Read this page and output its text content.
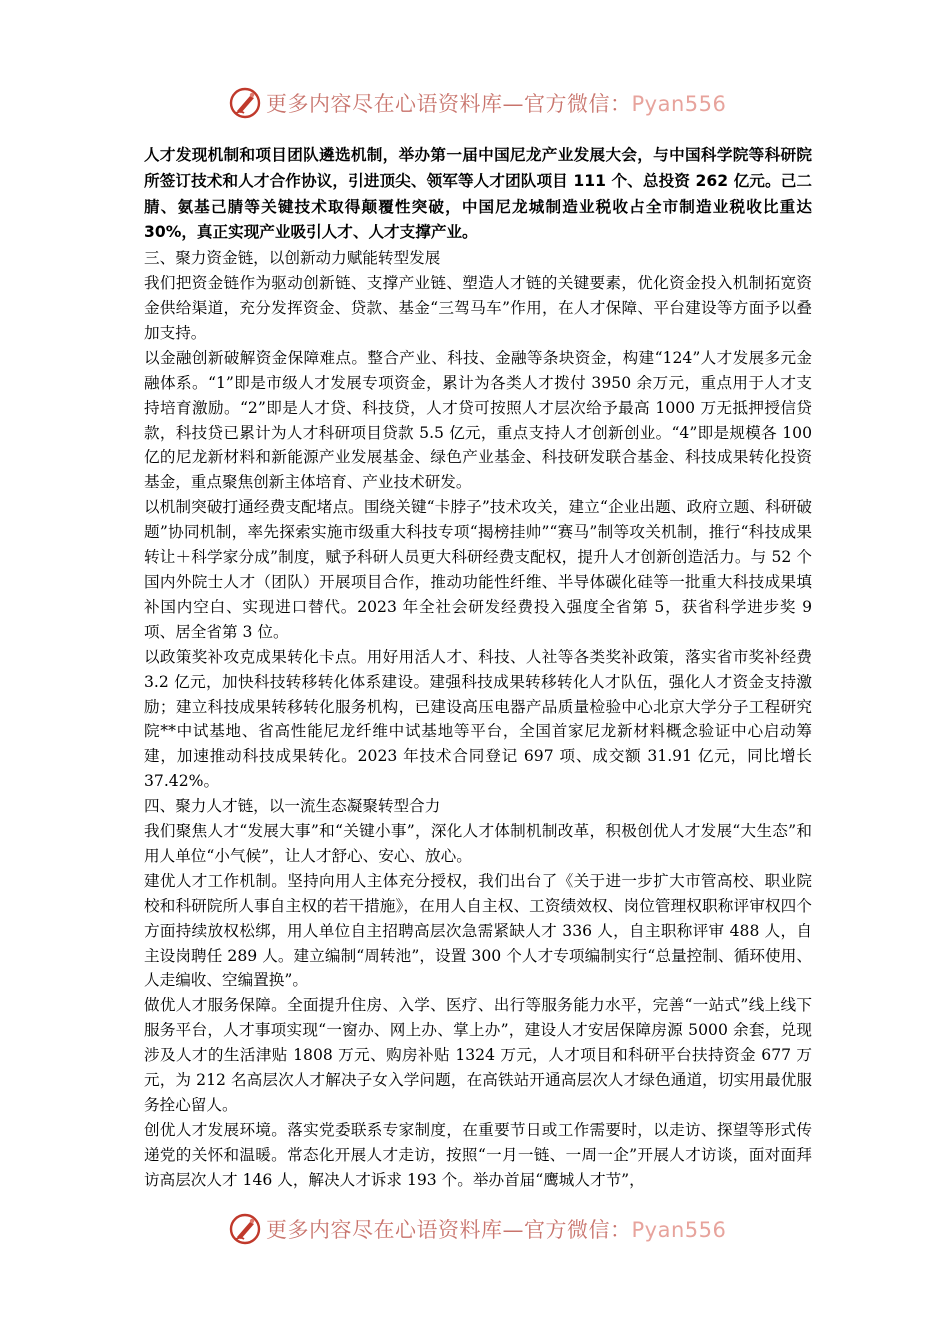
更多内容尽在心语资料库—官方微信：Pyan556

人才发现机制和项目团队遴选机制，举办第一届中国尼龙产业发展大会，与中国科学院等科研院所签订技术和人才合作协议，引进顶尖、领军等人才团队项目 111 个、总投资 262 亿元。己二腈、氨基己腈等关键技术取得颠覆性突破，中国尼龙城制造业税收占全市制造业税收比重达 30%，真正实现产业吸引人才、人才支撑产业。

三、聚力资金链，以创新动力赋能转型发展

我们把资金链作为驱动创新链、支撑产业链、塑造人才链的关键要素，优化资金投入机制拓宽资金供给渠道，充分发挥资金、贷款、基金“三驾马车”作用，在人才保障、平台建设等方面予以叠加支持。

以金融创新破解资金保障难点。整合产业、科技、金融等条块资金，构建“124”人才发展多元金融体系。“1”即是市级人才发展专项资金，累计为各类人才拨付 3950 余万元，重点用于人才支持培育激励。“2”即是人才贷、科技贷，人才贷可按照人才层次给予最高 1000 万无抵押授信贷款，科技贷已累计为人才科研项目贷款 5.5 亿元，重点支持人才创新创业。“4”即是规模各 100 亿的尼龙新材料和新能源产业发展基金、绿色产业基金、科技研发联合基金、科技成果转化投资基金，重点聚焦创新主体培育、产业技术研发。

以机制突破打通经费支配堵点。围绕关键“卡脖子”技术攻关，建立“企业出题、政府立题、科研破题”协同机制，率先探索实施市级重大科技专项“揭榜挂帅”“赛马”制等攻关机制，推行“科技成果转让＋科学家分成”制度，赋予科研人员更大科研经费支配权，提升人才创新创造活力。与 52 个国内外院士人才（团队）开展项目合作，推动功能性纤维、半导体碳化硅等一批重大科技成果填补国内空白、实现进口替代。2023 年全社会研发经费投入强度全省第 5，获省科学进步奖 9 项、居全省第 3 位。

以政策奖补攻克成果转化卡点。用好用活人才、科技、人社等各类奖补政策，落实省市奖补经费 3.2 亿元，加快科技转移转化体系建设。建强科技成果转移转化人才队伍，强化人才资金支持激励；建立科技成果转移转化服务机构，已建设高压电器产品质量检验中心北京大学分子工程研究院**中试基地、省高性能尼龙纤维中试基地等平台，全国首家尼龙新材料概念验证中心启动筹建，加速推动科技成果转化。2023 年技术合同登记 697 项、成交额 31.91 亿元，同比增长 37.42%。

四、聚力人才链，以一流生态凝聚转型合力

我们聚焦人才“发展大事”和“关键小事”，深化人才体制机制改革，积极创优人才发展“大生态”和用人单位“小气候”，让人才舒心、安心、放心。

建优人才工作机制。坚持向用人主体充分授权，我们出台了《关于进一步扩大市管高校、职业院校和科研院所人事自主权的若干措施》，在用人自主权、工资绩效权、岗位管理权职称评审权四个方面持续放权松绑，用人单位自主招聘高层次急需紧缺人才 336 人，自主职称评审 488 人，自主设岗聘任 289 人。建立编制“周转池”，设置 300 个人才专项编制实行“总量控制、循环使用、人走编收、空编置换”。

做优人才服务保障。全面提升住房、入学、医疗、出行等服务能力水平，完善“一站式”线上线下服务平台，人才事项实现“一窗办、网上办、掌上办”，建设人才安居保障房源 5000 余套，兑现涉及人才的生活津贴 1808 万元、购房补贴 1324 万元，人才项目和科研平台扶持资金 677 万元，为 212 名高层次人才解决子女入学问题，在高铁站开通高层次人才绿色通道，切实用最优服务拴心留人。

创优人才发展环境。落实党委联系专家制度，在重要节日或工作需要时，以走访、探望等形式传递党的关怀和温暖。常态化开展人才走访，按照“一月一链、一周一企”开展人才访谈，面对面拜访高层次人才 146 人，解决人才诉求 193 个。举办首届“鹰城人才节”，

更多内容尽在心语资料库—官方微信：Pyan556
